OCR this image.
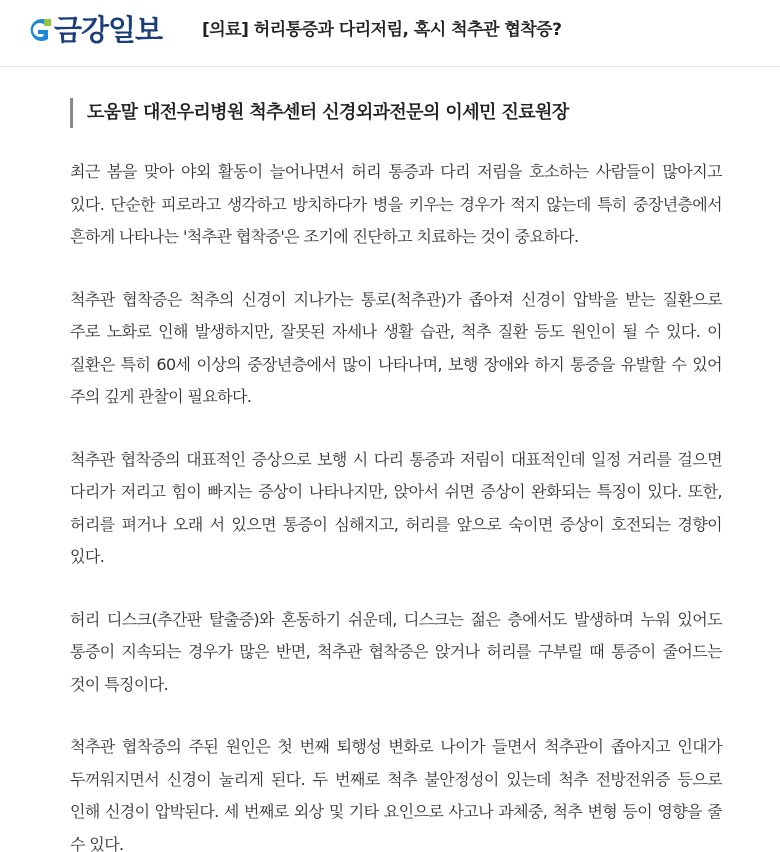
금강일보 [의료] 허리통증과 다리저림, 혹시 척추관 협착증?
도움말 대전우리병원 척추센터 신경외과전문의 이세민 진료원장

최근 봄을 맞아 야외 활동이 늘어나면서 허리 통증과 다리 저림을 호소하는 사람들이 많아지고 있다. 단순한 피로라고 생각하고 방치하다가 병을 키우는 경우가 적지 않는데 특히 중장년층에서 흔하게 나타나는 '척추관 협착증'은 조기에 진단하고 치료하는 것이 중요하다.

척추관 협착증은 척추의 신경이 지나가는 통로(척추관)가 좁아져 신경이 압박을 받는 질환으로 주로 노화로 인해 발생하지만, 잘못된 자세나 생활 습관, 척추 질환 등도 원인이 될 수 있다. 이 질환은 특히 60세 이상의 중장년층에서 많이 나타나며, 보행 장애와 하지 통증을 유발할 수 있어 주의 깊게 관찰이 필요하다.

척추관 협착증의 대표적인 증상으로 보행 시 다리 통증과 저림이 대표적인데 일정 거리를 걸으면 다리가 저리고 힘이 빠지는 증상이 나타나지만, 앉아서 쉬면 증상이 완화되는 특징이 있다. 또한, 허리를 펴거나 오래 서 있으면 통증이 심해지고, 허리를 앞으로 숙이면 증상이 호전되는 경향이 있다.

허리 디스크(추간판 탈출증)와 혼동하기 쉬운데, 디스크는 젊은 층에서도 발생하며 누워 있어도 통증이 지속되는 경우가 많은 반면, 척추관 협착증은 앉거나 허리를 구부릴 때 통증이 줄어드는 것이 특징이다.

척추관 협착증의 주된 원인은 첫 번째 퇴행성 변화로 나이가 들면서 척추관이 좁아지고 인대가 두꺼워지면서 신경이 눌리게 된다. 두 번째로 척추 불안정성이 있는데 척추 전방전위증 등으로 인해 신경이 압박된다. 세 번째로 외상 및 기타 요인으로 사고나 과체중, 척추 변형 등이 영향을 줄 수 있다.
